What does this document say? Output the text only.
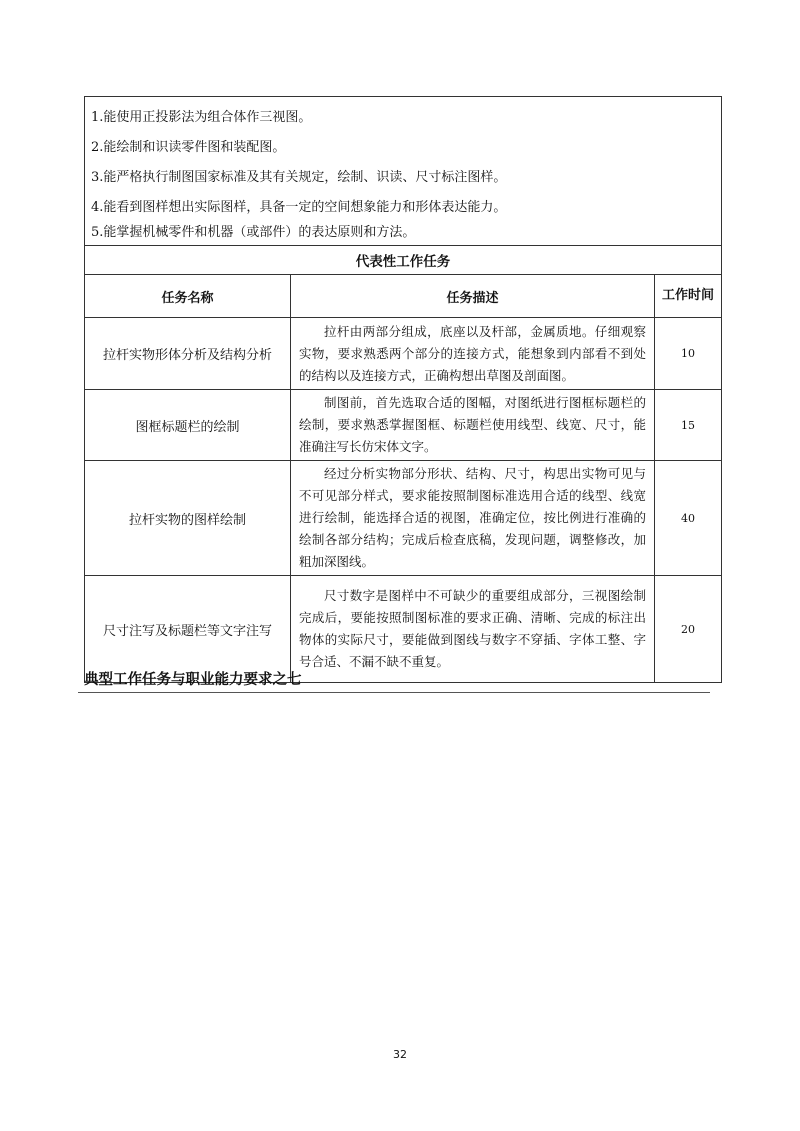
1.能使用正投影法为组合体作三视图。
2.能绘制和识读零件图和装配图。
3.能严格执行制图国家标准及其有关规定，绘制、识读、尺寸标注图样。
4.能看到图样想出实际图样，具备一定的空间想象能力和形体表达能力。
5.能掌握机械零件和机器（或部件）的表达原则和方法。		

代表性工作任务		
任务名称	任务描述	工作时间
拉杆实物形体分析及结构分析	拉杆由两部分组成，底座以及杆部，金属质地。仔细观察实物，要求熟悉两个部分的连接方式，能想象到内部看不到处的结构以及连接方式，正确构想出草图及剖面图。	10
图框标题栏的绘制	制图前，首先选取合适的图幅，对图纸进行图框标题栏的绘制，要求熟悉掌握图框、标题栏使用线型、线宽、尺寸，能准确注写长仿宋体文字。	15
拉杆实物的图样绘制	经过分析实物部分形状、结构、尺寸，构思出实物可见与不可见部分样式，要求能按照制图标准选用合适的线型、线宽进行绘制，能选择合适的视图，准确定位，按比例进行准确的绘制各部分结构；完成后检查底稿，发现问题，调整修改，加粗加深图线。	40
尺寸注写及标题栏等文字注写	尺寸数字是图样中不可缺少的重要组成部分，三视图绘制完成后，要能按照制图标准的要求正确、清晰、完成的标注出物体的实际尺寸，要能做到图线与数字不穿插、字体工整、字号合适、不漏不缺不重复。	20
典型工作任务与职业能力要求之七
32
